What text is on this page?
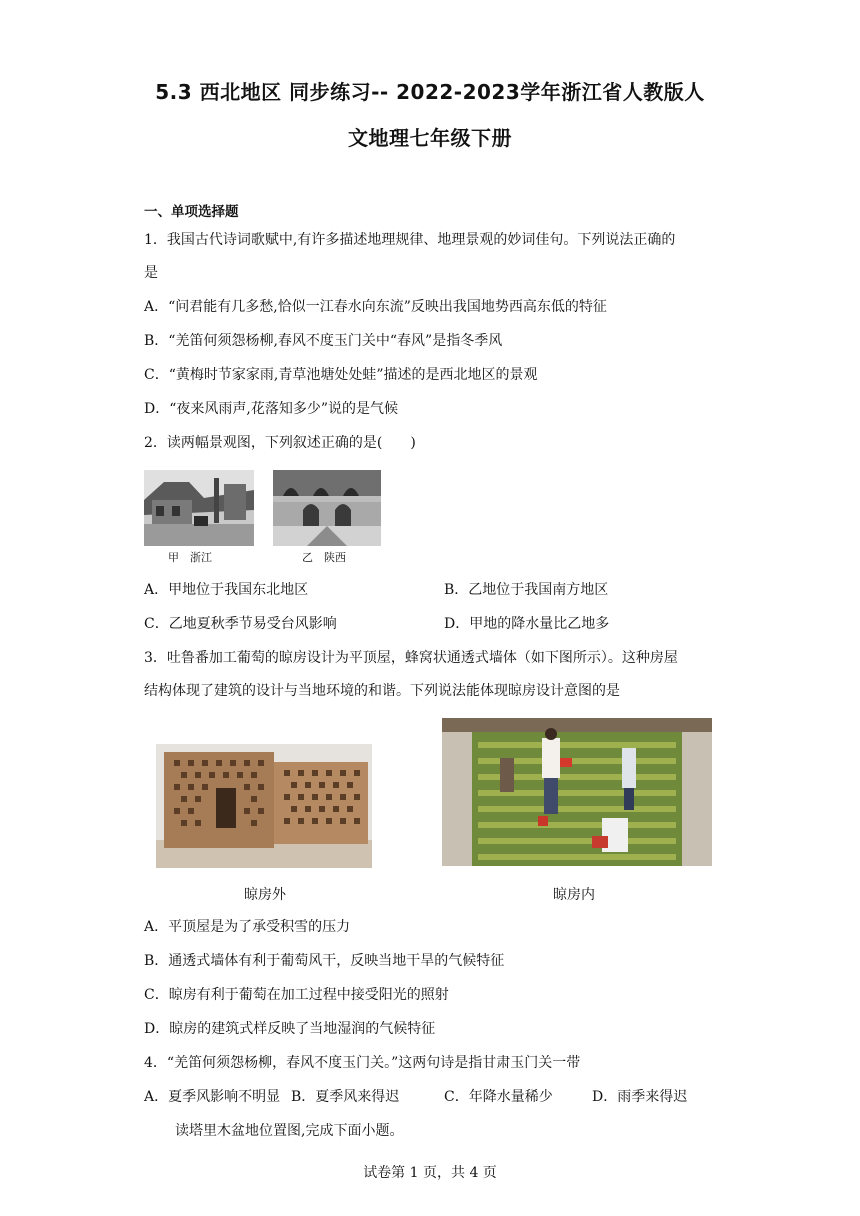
5.3 西北地区 同步练习-- 2022-2023学年浙江省人教版人
文地理七年级下册
一、单项选择题
1．我国古代诗词歌赋中,有许多描述地理规律、地理景观的妙词佳句。下列说法正确的
是
A．“问君能有几多愁,恰似一江春水向东流”反映出我国地势西高东低的特征
B．“羌笛何须怨杨柳,春风不度玉门关中“春风”是指冬季风
C．“黄梅时节家家雨,青草池塘处处蛙”描述的是西北地区的景观
D．“夜来风雨声,花落知多少”说的是气候
2．读两幅景观图，下列叙述正确的是(　　)
甲　浙江	乙　陕西
A．甲地位于我国东北地区	B．乙地位于我国南方地区
C．乙地夏秋季节易受台风影响	D．甲地的降水量比乙地多
3．吐鲁番加工葡萄的晾房设计为平顶屋，蜂窝状通透式墙体（如下图所示）。这种房屋
结构体现了建筑的设计与当地环境的和谐。下列说法能体现晾房设计意图的是
晾房外	晾房内
A．平顶屋是为了承受积雪的压力
B．通透式墙体有利于葡萄风干，反映当地干旱的气候特征
C．晾房有利于葡萄在加工过程中接受阳光的照射
D．晾房的建筑式样反映了当地湿润的气候特征
4．“羌笛何须怨杨柳，春风不度玉门关。”这两句诗是指甘肃玉门关一带
A．夏季风影响不明显 B．夏季风来得迟	C．年降水量稀少	D．雨季来得迟
读塔里木盆地位置图,完成下面小题。
试卷第 1 页，共 4 页
